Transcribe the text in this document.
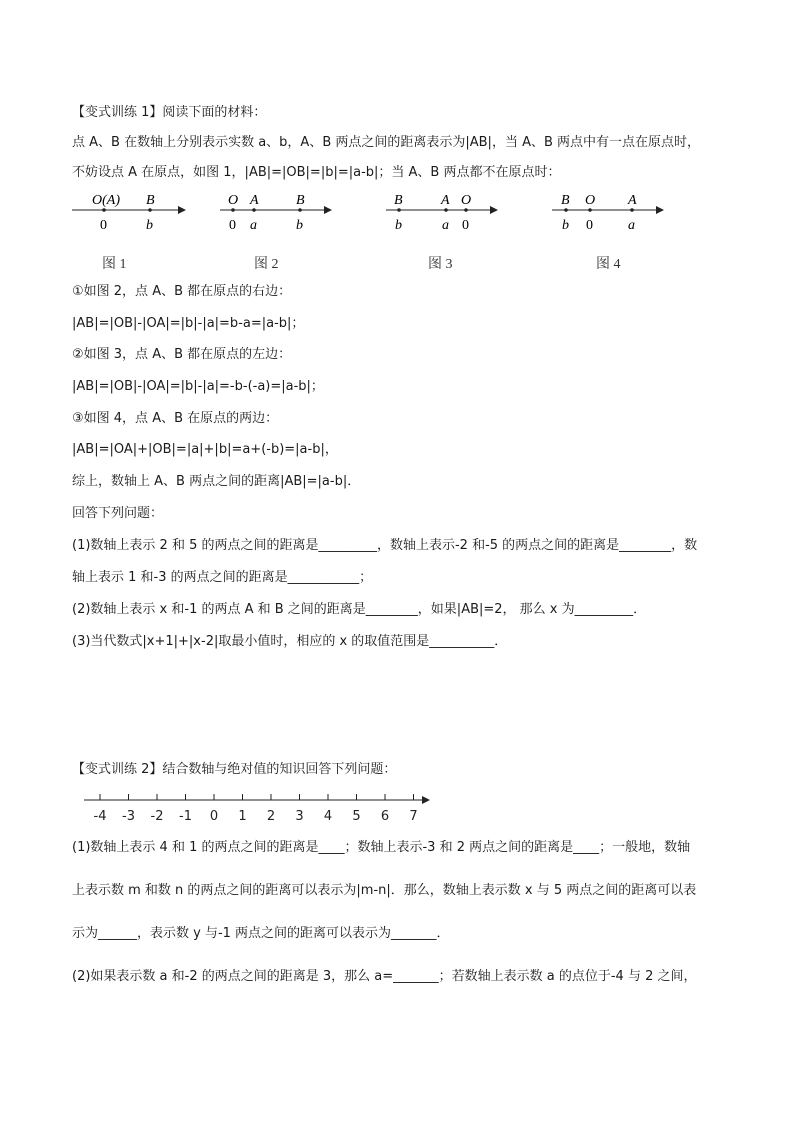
【变式训练 1】阅读下面的材料：
点 A、B 在数轴上分别表示实数 a、b，A、B 两点之间的距离表示为|AB|，当 A、B 两点中有一点在原点时，
不妨设点 A 在原点，如图 1，|AB|=|OB|=|b|=|a-b|；当 A、B 两点都不在原点时：
O(A) B
0	b
O A	B
0 a	b
B	A O
b	a 0
B O A
b 0	a
图 1	图 2	图 3	图 4
①如图 2，点 A、B 都在原点的右边：
|AB|=|OB|-|OA|=|b|-|a|=b-a=|a-b|；
②如图 3，点 A、B 都在原点的左边：
|AB|=|OB|-|OA|=|b|-|a|=-b-(-a)=|a-b|；
③如图 4，点 A、B 在原点的两边：
|AB|=|OA|+|OB|=|a|+|b|=a+(-b)=|a-b|，
综上，数轴上 A、B 两点之间的距离|AB|=|a-b|．
回答下列问题：
(1)数轴上表示 2 和 5 的两点之间的距离是_________，数轴上表示-2 和-5 的两点之间的距离是________，数
轴上表示 1 和-3 的两点之间的距离是___________；
(2)数轴上表示 x 和-1 的两点 A 和 B 之间的距离是________，如果|AB|=2， 那么 x 为_________．
(3)当代数式|x+1|+|x-2|取最小值时，相应的 x 的取值范围是__________．
【变式训练 2】结合数轴与绝对值的知识回答下列问题：
-4 -3 -2 -1 0 1 2 3 4 5 6 7
(1)数轴上表示 4 和 1 的两点之间的距离是____；数轴上表示-3 和 2 两点之间的距离是____；一般地，数轴
上表示数 m 和数 n 的两点之间的距离可以表示为|m-n|．那么，数轴上表示数 x 与 5 两点之间的距离可以表
示为______，表示数 y 与-1 两点之间的距离可以表示为_______．
(2)如果表示数 a 和-2 的两点之间的距离是 3，那么 a=_______；若数轴上表示数 a 的点位于-4 与 2 之间，
